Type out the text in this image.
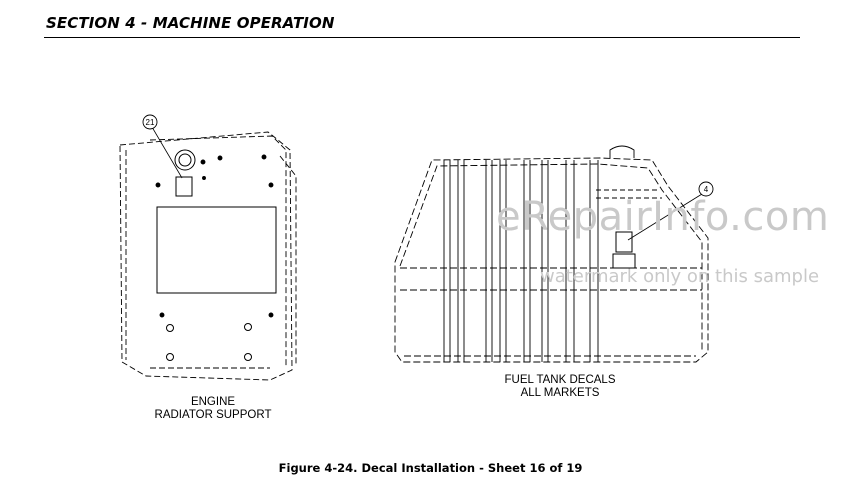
SECTION 4 - MACHINE OPERATION
21
4
eRepairInfo.com
watermark only on this sample
ENGINE
RADIATOR SUPPORT
FUEL TANK DECALS
ALL MARKETS
Figure 4-24. Decal Installation - Sheet 16 of 19
